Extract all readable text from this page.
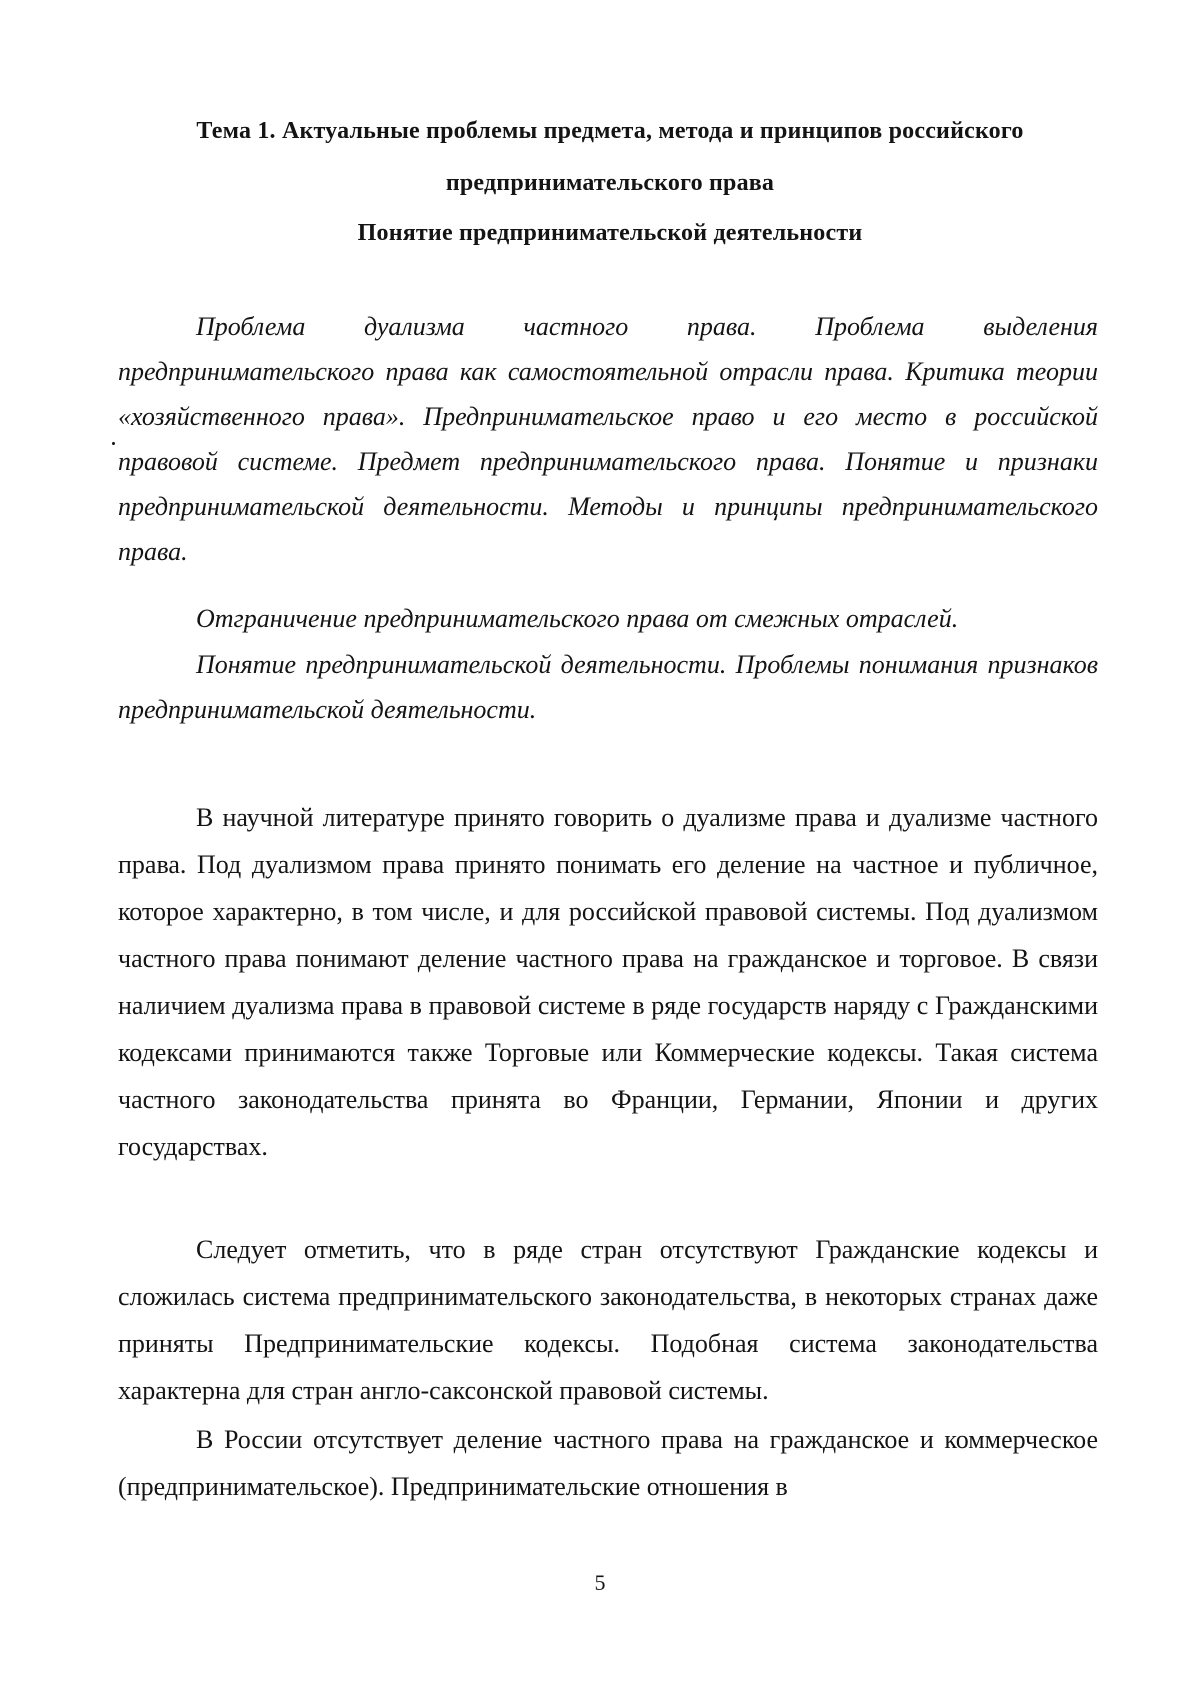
Тема 1. Актуальные проблемы предмета, метода и принципов российского
предпринимательского права
Понятие предпринимательской деятельности

Проблема дуализма частного права. Проблема выделения предпринимательского права как самостоятельной отрасли права. Критика теории «хозяйственного права». Предпринимательское право и его место в российской правовой системе. Предмет предпринимательского права. Понятие и признаки предпринимательской деятельности. Методы и принципы предпринимательского права.

Отграничение предпринимательского права от смежных отраслей.

Понятие предпринимательской деятельности. Проблемы понимания признаков предпринимательской деятельности.

В научной литературе принято говорить о дуализме права и дуализме частного права. Под дуализмом права принято понимать его деление на частное и публичное, которое характерно, в том числе, и для российской правовой системы. Под дуализмом частного права понимают деление частного права на гражданское и торговое. В связи наличием дуализма права в правовой системе в ряде государств наряду с Гражданскими кодексами принимаются также Торговые или Коммерческие кодексы. Такая система частного законодательства принята во Франции, Германии, Японии и других государствах.

Следует отметить, что в ряде стран отсутствуют Гражданские кодексы и сложилась система предпринимательского законодательства, в некоторых странах даже приняты Предпринимательские кодексы. Подобная система законодательства характерна для стран англо-саксонской правовой системы.

В России отсутствует деление частного права на гражданское и коммерческое (предпринимательское). Предпринимательские отношения в

5
